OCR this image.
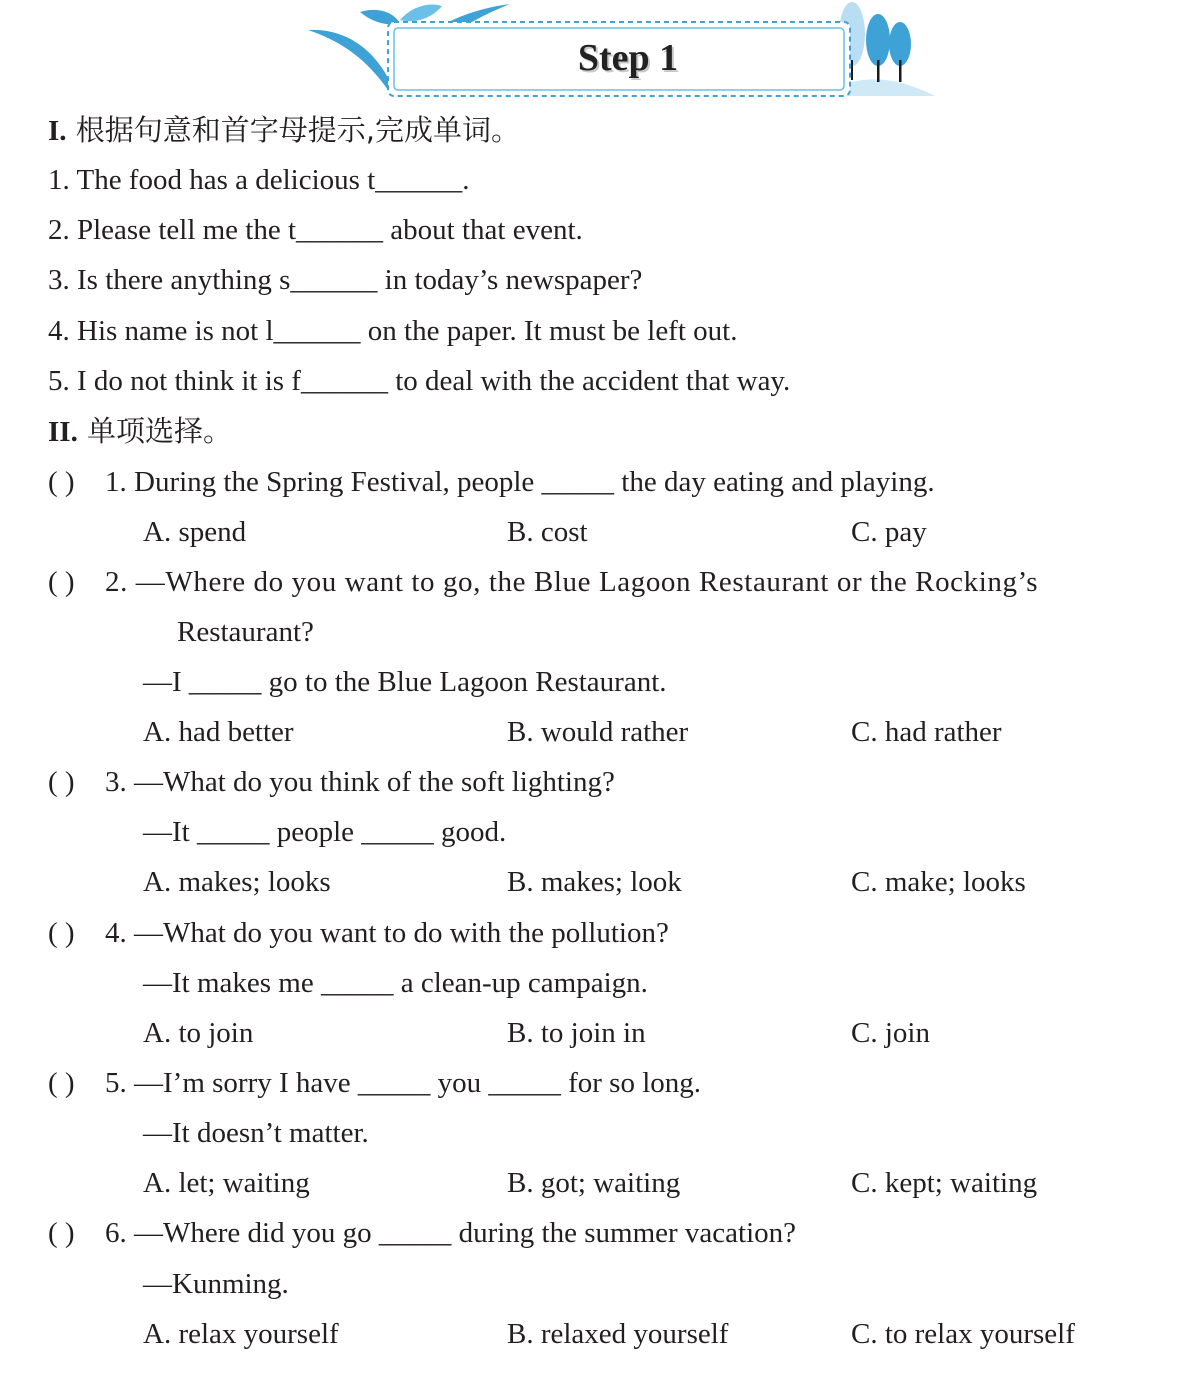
Step 1
I. 根据句意和首字母提示,完成单词。
1. The food has a delicious t______.
2. Please tell me the t______ about that event.
3. Is there anything s______ in today’s newspaper?
4. His name is not l______ on the paper. It must be left out.
5. I do not think it is f______ to deal with the accident that way.
II. 单项选择。
( ) 1. During the Spring Festival, people _____ the day eating and playing.
A. spend	B. cost	C. pay
( ) 2. —Where do you want to go, the Blue Lagoon Restaurant or the Rocking’s
Restaurant?
—I _____ go to the Blue Lagoon Restaurant.
A. had better	B. would rather	C. had rather
( ) 3. —What do you think of the soft lighting?
—It _____ people _____ good.
A. makes; looks	B. makes; look	C. make; looks
( ) 4. —What do you want to do with the pollution?
—It makes me _____ a clean-up campaign.
A. to join	B. to join in	C. join
( ) 5. —I’m sorry I have _____ you _____ for so long.
—It doesn’t matter.
A. let; waiting	B. got; waiting	C. kept; waiting
( ) 6. —Where did you go _____ during the summer vacation?
—Kunming.
A. relax yourself	B. relaxed yourself	C. to relax yourself
